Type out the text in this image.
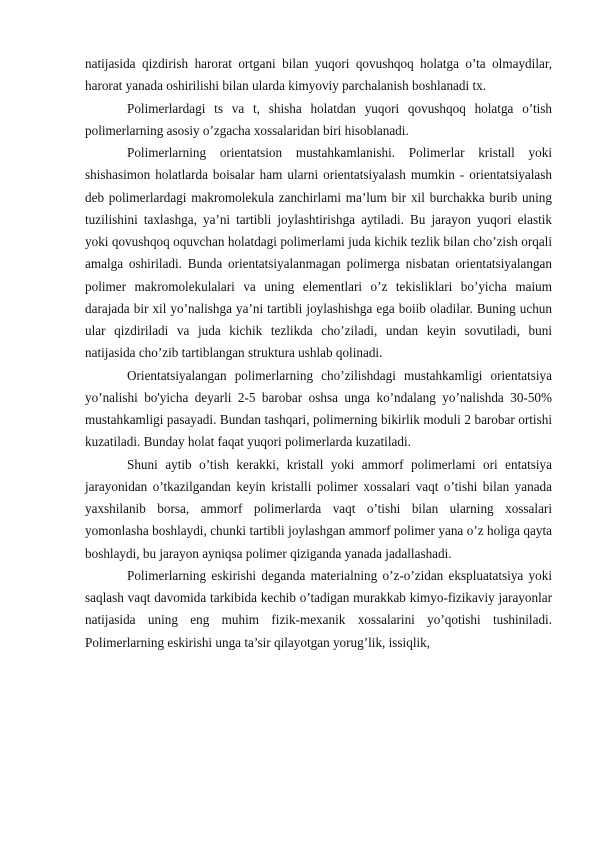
natijasida qizdirish harorat ortgani bilan yuqori qovushqoq holatga o’ta olmaydilar, harorat yanada oshirilishi bilan ularda kimyoviy parchalanish boshlanadi tx.

Polimerlardagi ts va t, shisha holatdan yuqori qovushqoq holatga o’tish polimerlarning asosiy o’zgacha xossalaridan biri hisoblanadi.

Polimerlarning orientatsion mustahkamlanishi. Polimerlar kristall yoki shishasimon holatlarda boisalar ham ularni orientatsiyalash mumkin - orientatsiyalash deb polimerlardagi makromolekula zanchirlami ma’lum bir xil burchakka burib uning tuzilishini taxlashga, ya’ni tartibli joylashtirishga aytiladi. Bu jarayon yuqori elastik yoki qovushqoq oquvchan holatdagi polimerlami juda kichik tezlik bilan cho’zish orqali amalga oshiriladi. Bunda orientatsiyalanmagan polimerga nisbatan orientatsiyalangan polimer makromolekulalari va uning elementlari o’z tekisliklari bo’yicha maium darajada bir xil yo’nalishga ya’ni tartibli joylashishga ega boiib oladilar. Buning uchun ular qizdiriladi va juda kichik tezlikda cho’ziladi, undan keyin sovutiladi, buni natijasida cho’zib tartiblangan struktura ushlab qolinadi.

Orientatsiyalangan polimerlarning cho’zilishdagi mustahkamligi orientatsiya yo’nalishi bo'yicha deyarli 2-5 barobar oshsa unga ko’ndalang yo’nalishda 30-50% mustahkamligi pasayadi. Bundan tashqari, polimerning bikirlik moduli 2 barobar ortishi kuzatiladi. Bunday holat faqat yuqori polimerlarda kuzatiladi.

Shuni aytib o’tish kerakki, kristall yoki ammorf polimerlami ori entatsiya jarayonidan o’tkazilgandan keyin kristalli polimer xossalari vaqt o’tishi bilan yanada yaxshilanib borsa, ammorf polimerlarda vaqt o’tishi bilan ularning xossalari yomonlasha boshlaydi, chunki tartibli joylashgan ammorf polimer yana o’z holiga qayta boshlaydi, bu jarayon ayniqsa polimer qiziganda yanada jadallashadi.

Polimerlarning eskirishi deganda materialning o’z-o’zidan ekspluatatsiya yoki saqlash vaqt davomida tarkibida kechib o’tadigan murakkab kimyo-fizikaviy jarayonlar natijasida uning eng muhim fizik-mexanik xossalarini yo’qotishi tushiniladi. Polimerlarning eskirishi unga ta’sir qilayotgan yorug’lik, issiqlik,
